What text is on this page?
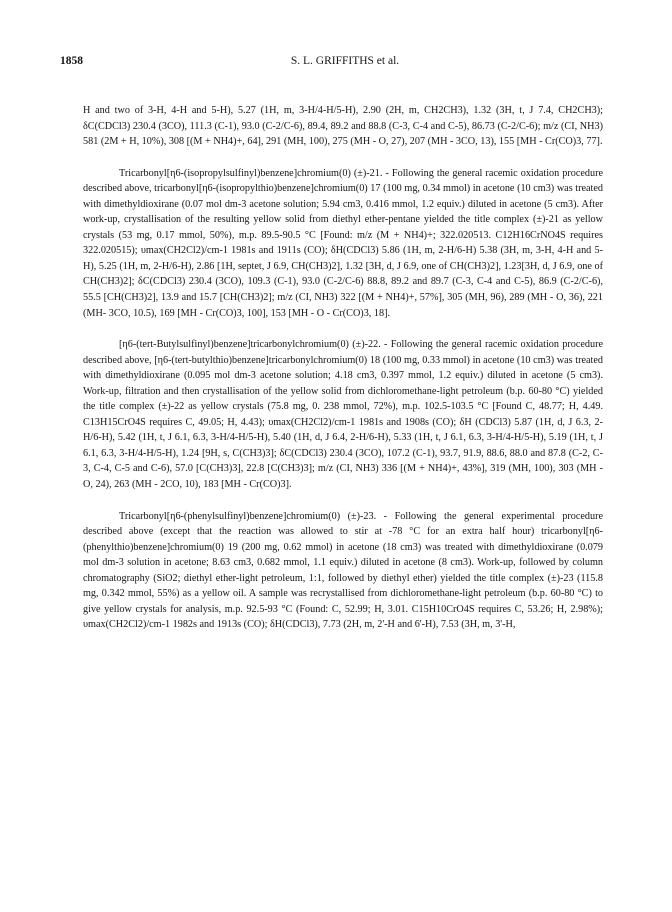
1858	S. L. GRIFFITHS et al.

H and two of 3-H, 4-H and 5-H), 5.27 (1H, m, 3-H/4-H/5-H), 2.90 (2H, m, CH2CH3), 1.32 (3H, t, J 7.4, CH2CH3); δC(CDCl3) 230.4 (3CO), 111.3 (C-1), 93.0 (C-2/C-6), 89.4, 89.2 and 88.8 (C-3, C-4 and C-5), 86.73 (C-2/C-6); m/z (CI, NH3) 581 (2M + H, 10%), 308 [(M + NH4)+, 64], 291 (MH, 100), 275 (MH - O, 27), 207 (MH - 3CO, 13), 155 [MH - Cr(CO)3, 77].

Tricarbonyl[η6-(isopropylsulfinyl)benzene]chromium(0) (±)-21. - Following the general racemic oxidation procedure described above, tricarbonyl[η6-(isopropylthio)benzene]chromium(0) 17 (100 mg, 0.34 mmol) in acetone (10 cm3) was treated with dimethyldioxirane (0.07 mol dm-3 acetone solution; 5.94 cm3, 0.416 mmol, 1.2 equiv.) diluted in acetone (5 cm3). After work-up, crystallisation of the resulting yellow solid from diethyl ether-pentane yielded the title complex (±)-21 as yellow crystals (53 mg, 0.17 mmol, 50%), m.p. 89.5-90.5 °C [Found: m/z (M + NH4)+; 322.020513. C12H16CrNO4S requires 322.020515); υmax(CH2Cl2)/cm-1 1981s and 1911s (CO); δH(CDCl3) 5.86 (1H, m, 2-H/6-H) 5.38 (3H, m, 3-H, 4-H and 5-H), 5.25 (1H, m, 2-H/6-H), 2.86 [1H, septet, J 6.9, CH(CH3)2], 1.32 [3H, d, J 6.9, one of CH(CH3)2], 1.23[3H, d, J 6.9, one of CH(CH3)2]; δC(CDCl3) 230.4 (3CO), 109.3 (C-1), 93.0 (C-2/C-6) 88.8, 89.2 and 89.7 (C-3, C-4 and C-5), 86.9 (C-2/C-6), 55.5 [CH(CH3)2], 13.9 and 15.7 [CH(CH3)2]; m/z (CI, NH3) 322 [(M + NH4)+, 57%], 305 (MH, 96), 289 (MH - O, 36), 221 (MH- 3CO, 10.5), 169 [MH - Cr(CO)3, 100], 153 [MH - O - Cr(CO)3, 18].

[η6-(tert-Butylsulfinyl)benzene]tricarbonylchromium(0) (±)-22. - Following the general racemic oxidation procedure described above, [η6-(tert-butylthio)benzene]tricarbonylchromium(0) 18 (100 mg, 0.33 mmol) in acetone (10 cm3) was treated with dimethyldioxirane (0.095 mol dm-3 acetone solution; 4.18 cm3, 0.397 mmol, 1.2 equiv.) diluted in acetone (5 cm3). Work-up, filtration and then crystallisation of the yellow solid from dichloromethane-light petroleum (b.p. 60-80 °C) yielded the title complex (±)-22 as yellow crystals (75.8 mg, 0. 238 mmol, 72%), m.p. 102.5-103.5 °C [Found C, 48.77; H, 4.49. C13H15CrO4S requires C, 49.05; H, 4.43); υmax(CH2Cl2)/cm-1 1981s and 1908s (CO); δH (CDCl3) 5.87 (1H, d, J 6.3, 2-H/6-H), 5.42 (1H, t, J 6.1, 6.3, 3-H/4-H/5-H), 5.40 (1H, d, J 6.4, 2-H/6-H), 5.33 (1H, t, J 6.1, 6.3, 3-H/4-H/5-H), 5.19 (1H, t, J 6.1, 6.3, 3-H/4-H/5-H), 1.24 [9H, s, C(CH3)3]; δC(CDCl3) 230.4 (3CO), 107.2 (C-1), 93.7, 91.9, 88.6, 88.0 and 87.8 (C-2, C-3, C-4, C-5 and C-6), 57.0 [C(CH3)3], 22.8 [C(CH3)3]; m/z (CI, NH3) 336 [(M + NH4)+, 43%], 319 (MH, 100), 303 (MH - O, 24), 263 (MH - 2CO, 10), 183 [MH - Cr(CO)3].

Tricarbonyl[η6-(phenylsulfinyl)benzene]chromium(0) (±)-23. - Following the general experimental procedure described above (except that the reaction was allowed to stir at -78 °C for an extra half hour) tricarbonyl[η6-(phenylthio)benzene]chromium(0) 19 (200 mg, 0.62 mmol) in acetone (18 cm3) was treated with dimethyldioxirane (0.079 mol dm-3 solution in acetone; 8.63 cm3, 0.682 mmol, 1.1 equiv.) diluted in acetone (8 cm3). Work-up, followed by column chromatography (SiO2; diethyl ether-light petroleum, 1:1, followed by diethyl ether) yielded the title complex (±)-23 (115.8 mg, 0.342 mmol, 55%) as a yellow oil. A sample was recrystallised from dichloromethane-light petroleum (b.p. 60-80 °C) to give yellow crystals for analysis, m.p. 92.5-93 °C (Found: C, 52.99; H, 3.01. C15H10CrO4S requires C, 53.26; H, 2.98%); υmax(CH2Cl2)/cm-1 1982s and 1913s (CO); δH(CDCl3), 7.73 (2H, m, 2'-H and 6'-H), 7.53 (3H, m, 3'-H,
